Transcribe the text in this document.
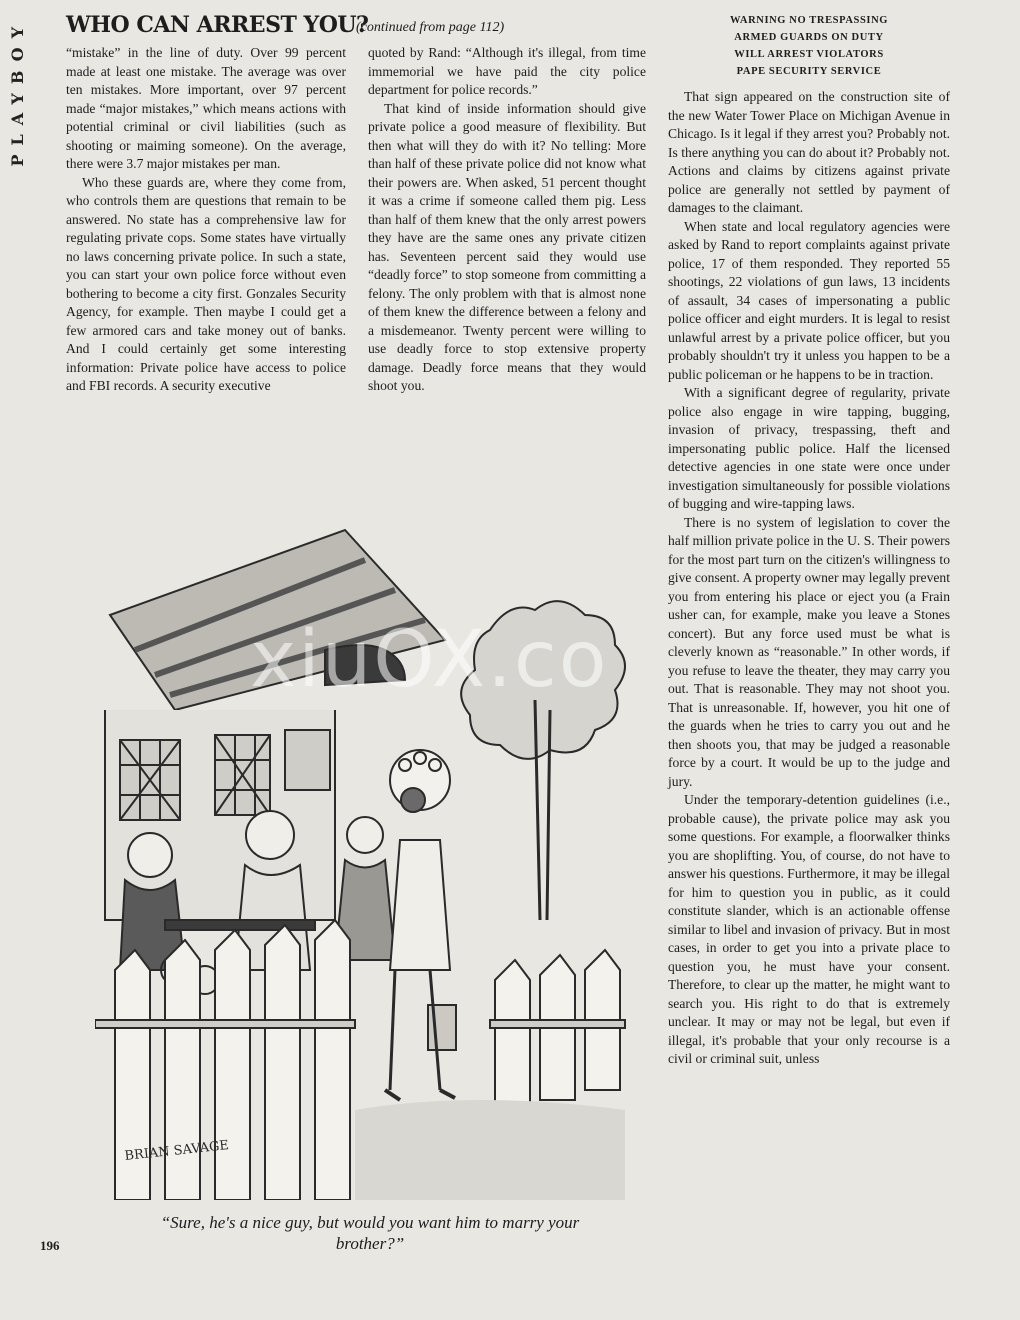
PLAYBOY WHO CAN ARREST YOU?
(continued from page 112)	WARNING NO TRESPASSING
ARMED GUARDS ON DUTY
WILL ARREST VIOLATORS
PAPE SECURITY SERVICE

“mistake” in the line of duty. Over 99 percent made at least one mistake. The average was over ten mistakes. More important, over 97 percent made “major mistakes,” which means actions with potential criminal or civil liabilities (such as shooting or maiming someone). On the average, there were 3.7 major mistakes per man.

Who these guards are, where they come from, who controls them are questions that remain to be answered. No state has a comprehensive law for regulating private cops. Some states have virtually no laws concerning private police. In such a state, you can start your own police force without even bothering to become a city first. Gonzales Security Agency, for example. Then maybe I could get a few armored cars and take money out of banks. And I could certainly get some interesting information: Private police have access to police and FBI records. A security executive

quoted by Rand: “Although it's illegal, from time immemorial we have paid the city police department for police records.”

That kind of inside information should give private police a good measure of flexibility. But then what will they do with it? No telling: More than half of these private police did not know what their powers are. When asked, 51 percent thought it was a crime if someone called them pig. Less than half of them knew that the only arrest powers they have are the same ones any private citizen has. Seventeen percent said they would use “deadly force” to stop someone from committing a felony. The only problem with that is almost none of them knew the difference between a felony and a misdemeanor. Twenty percent were willing to use deadly force to stop extensive property damage. Deadly force means that they would shoot you.

That sign appeared on the construction site of the new Water Tower Place on Michigan Avenue in Chicago. Is it legal if they arrest you? Probably not. Is there anything you can do about it? Probably not. Actions and claims by citizens against private police are generally not settled by payment of damages to the claimant.

When state and local regulatory agencies were asked by Rand to report complaints against private police, 17 of them responded. They reported 55 shootings, 22 violations of gun laws, 13 incidents of assault, 34 cases of impersonating a public police officer and eight murders. It is legal to resist unlawful arrest by a private police officer, but you probably shouldn't try it unless you happen to be a public policeman or he happens to be in traction.

With a significant degree of regularity, private police also engage in wire tapping, bugging, invasion of privacy, trespassing, theft and impersonating public police. Half the licensed detective agencies in one state were once under investigation simultaneously for possible violations of bugging and wire-tapping laws.

There is no system of legislation to cover the half million private police in the U. S. Their powers for the most part turn on the citizen's willingness to give consent. A property owner may legally prevent you from entering his place or eject you (a Frain usher can, for example, make you leave a Stones concert). But any force used must be what is cleverly known as “reasonable.” In other words, if you refuse to leave the theater, they may carry you out. That is reasonable. They may not shoot you. That is unreasonable. If, however, you hit one of the guards when he tries to carry you out and he then shoots you, that may be judged a reasonable force by a court. It would be up to the judge and jury.

Under the temporary-detention guidelines (i.e., probable cause), the private police may ask you some questions. For example, a floorwalker thinks you are shoplifting. You, of course, do not have to answer his questions. Furthermore, it may be illegal for him to question you in public, as it could constitute slander, which is an actionable offense similar to libel and invasion of privacy. But in most cases, in order to get you into a private place to question you, he must have your consent. Therefore, to clear up the matter, he might want to search you. His right to do that is extremely unclear. It may or may not be legal, but even if illegal, it's probable that your only recourse is a civil or criminal suit, unless

BRIAN SAVAGE
xiuOX.co
“Sure, he's a nice guy, but would you want him to marry your brother?”
196
